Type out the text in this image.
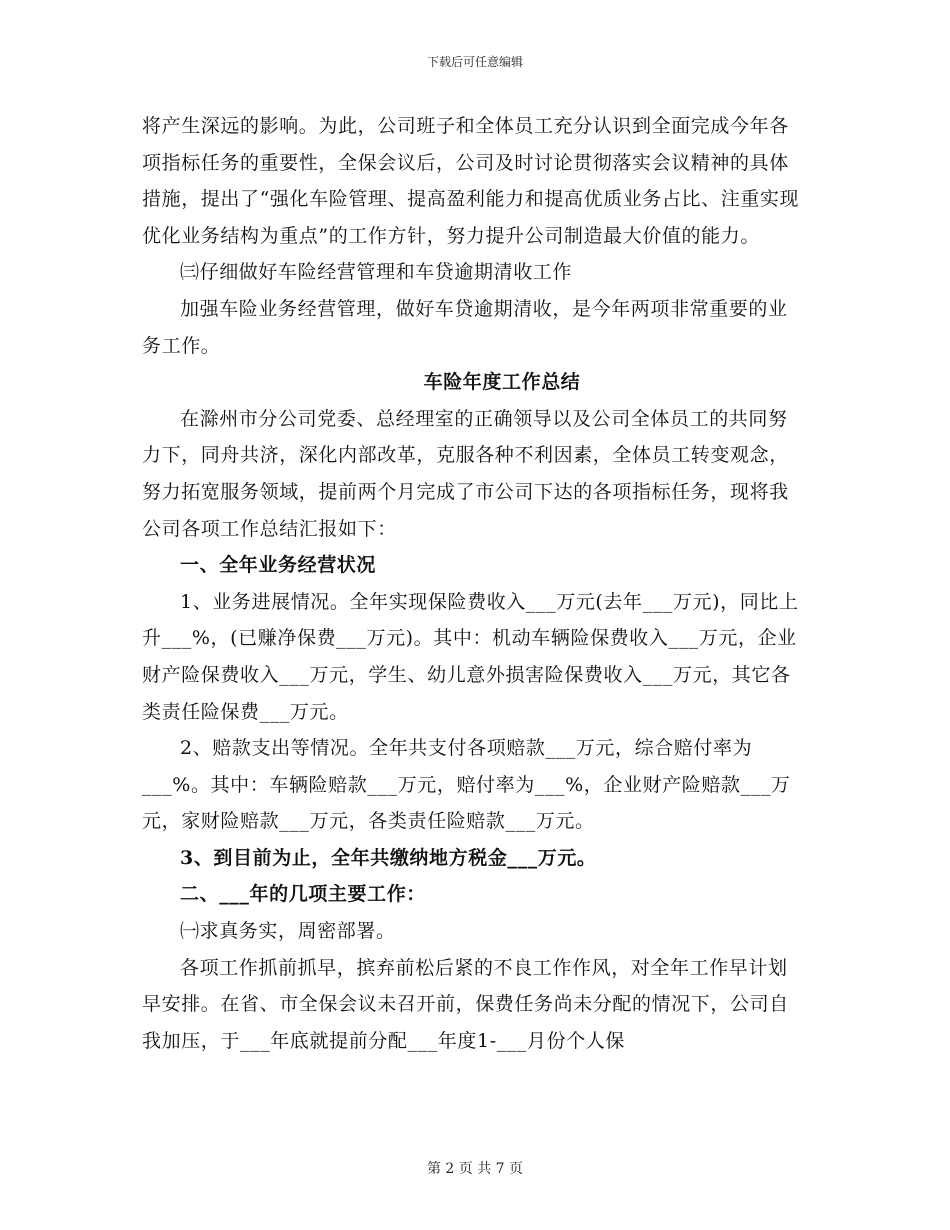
下载后可任意编辑

将产生深远的影响。为此，公司班子和全体员工充分认识到全面完成今年各项指标任务的重要性，全保会议后，公司及时讨论贯彻落实会议精神的具体措施，提出了“强化车险管理、提高盈利能力和提高优质业务占比、注重实现优化业务结构为重点”的工作方针，努力提升公司制造最大价值的能力。

㈢仔细做好车险经营管理和车贷逾期清收工作

加强车险业务经营管理，做好车贷逾期清收，是今年两项非常重要的业务工作。

车险年度工作总结

在滁州市分公司党委、总经理室的正确领导以及公司全体员工的共同努力下，同舟共济，深化内部改革，克服各种不利因素，全体员工转变观念，努力拓宽服务领域，提前两个月完成了市公司下达的各项指标任务，现将我公司各项工作总结汇报如下：

一、全年业务经营状况

1、业务进展情况。全年实现保险费收入___万元(去年___万元)，同比上升___%，(已赚净保费___万元)。其中：机动车辆险保费收入___万元，企业财产险保费收入___万元，学生、幼儿意外损害险保费收入___万元，其它各类责任险保费___万元。

2、赔款支出等情况。全年共支付各项赔款___万元，综合赔付率为___%。其中：车辆险赔款___万元，赔付率为___%，企业财产险赔款___万元，家财险赔款___万元，各类责任险赔款___万元。

3、到目前为止，全年共缴纳地方税金___万元。

二、___年的几项主要工作：

㈠求真务实，周密部署。

各项工作抓前抓早，摈弃前松后紧的不良工作作风，对全年工作早计划早安排。在省、市全保会议未召开前，保费任务尚未分配的情况下，公司自我加压，于___年底就提前分配___年度1-___月份个人保

第 2 页 共 7 页
